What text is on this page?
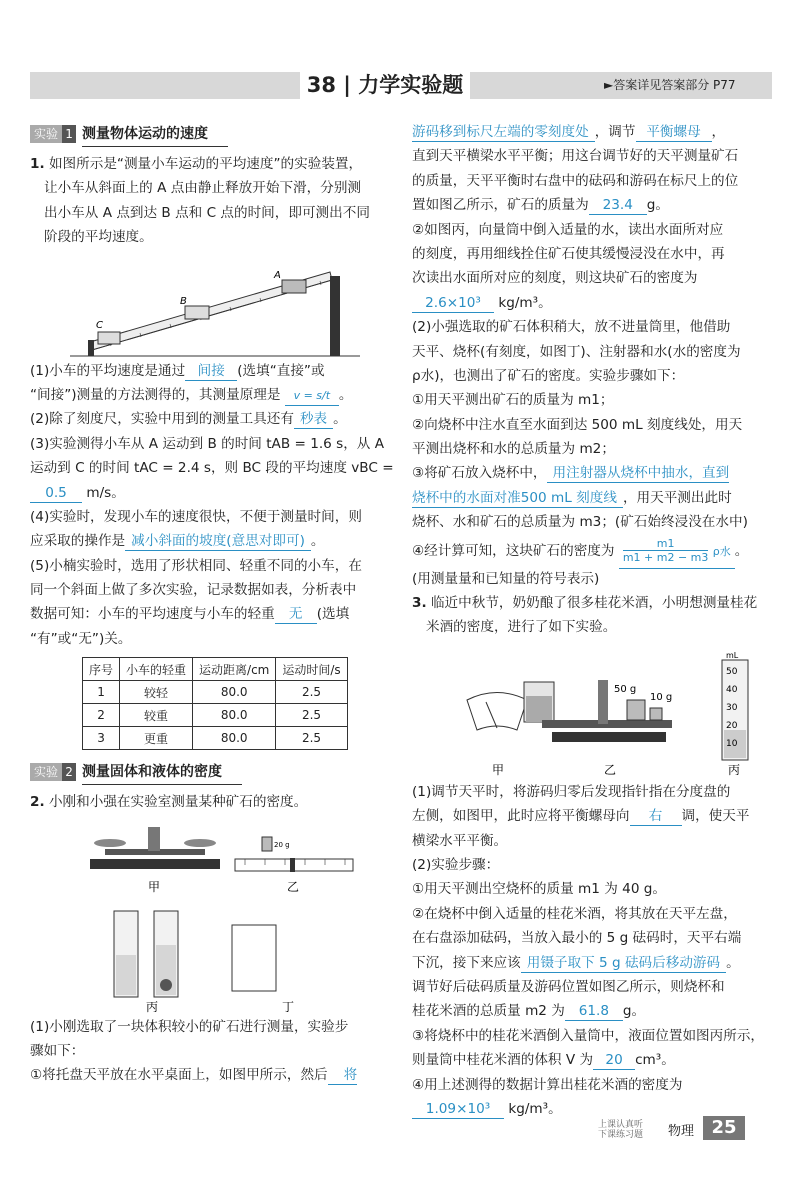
38 | 力学实验题	►答案详见答案部分 P77
实验 1 测量物体运动的速度
1. 如图所示是“测量小车运动的平均速度”的实验装置，
让小车从斜面上的 A 点由静止释放开始下滑，分别测
出小车从 A 点到达 B 点和 C 点的时间，即可测出不同
阶段的平均速度。
C
B
A
(1)小车的平均速度是通过 间接 (选填“直接”或
“间接”)测量的方法测得的，其测量原理是 v = s/t 。
(2)除了刻度尺，实验中用到的测量工具还有 秒表 。
(3)实验测得小车从 A 运动到 B 的时间 tAB = 1.6 s，从 A
运动到 C 的时间 tAC = 2.4 s，则 BC 段的平均速度 vBC =
0.5 m/s。
(4)实验时，发现小车的速度很快，不便于测量时间，则
应采取的操作是 减小斜面的坡度(意思对即可) 。
(5)小楠实验时，选用了形状相同、轻重不同的小车，在
同一个斜面上做了多次实验，记录数据如表，分析表中
数据可知：小车的平均速度与小车的轻重 无 (选填
“有”或“无”)关。
序号	小车的轻重	运动距离/cm	运动时间/s
1	较轻	80.0	2.5
2	较重	80.0	2.5
3	更重	80.0	2.5
实验 2 测量固体和液体的密度
2. 小刚和小强在实验室测量某种矿石的密度。
甲
20 g
乙
丙	丁
(1)小刚选取了一块体积较小的矿石进行测量，实验步
骤如下：
①将托盘天平放在水平桌面上，如图甲所示，然后 将
游码移到标尺左端的零刻度处 ，调节 平衡螺母 ，
直到天平横梁水平平衡；用这台调节好的天平测量矿石
的质量，天平平衡时右盘中的砝码和游码在标尺上的位
置如图乙所示，矿石的质量为 23.4 g。
②如图丙，向量筒中倒入适量的水，读出水面所对应
的刻度，再用细线拴住矿石使其缓慢浸没在水中，再
次读出水面所对应的刻度，则这块矿石的密度为
2.6×10³ kg/m³。
(2)小强选取的矿石体积稍大，放不进量筒里，他借助
天平、烧杯(有刻度，如图丁)、注射器和水(水的密度为
ρ水)，也测出了矿石的密度。实验步骤如下：
①用天平测出矿石的质量为 m1；
②向烧杯中注水直至水面到达 500 mL 刻度线处，用天
平测出烧杯和水的总质量为 m2；
③将矿石放入烧杯中， 用注射器从烧杯中抽水，直到
烧杯中的水面对准500 mL 刻度线 ，用天平测出此时
烧杯、水和矿石的总质量为 m3；(矿石始终浸没在水中)
④经计算可知，这块矿石的密度为 $\frac{m1}{m1 + m2 - m3}$ ρ水 。
(用测量量和已知量的符号表示)
3. 临近中秋节，奶奶酿了很多桂花米酒，小明想测量桂花
米酒的密度，进行了如下实验。
甲
50 g
10 g
乙
mL
50
40
30
20
10
丙
(1)调节天平时，将游码归零后发现指针指在分度盘的
左侧，如图甲，此时应将平衡螺母向 右 调，使天平
横梁水平平衡。
(2)实验步骤：
①用天平测出空烧杯的质量 m1 为 40 g。
②在烧杯中倒入适量的桂花米酒，将其放在天平左盘，
在右盘添加砝码，当放入最小的 5 g 砝码时，天平右端
下沉，接下来应该 用镊子取下 5 g 砝码后移动游码 。
调节好后砝码质量及游码位置如图乙所示，则烧杯和
桂花米酒的总质量 m2 为 61.8 g。
③将烧杯中的桂花米酒倒入量筒中，液面位置如图丙所示，
则量筒中桂花米酒的体积 V 为 20 cm³。
④用上述测得的数据计算出桂花米酒的密度为
1.09×10³ kg/m³。
上课认真听
下课练习题 物理 25
